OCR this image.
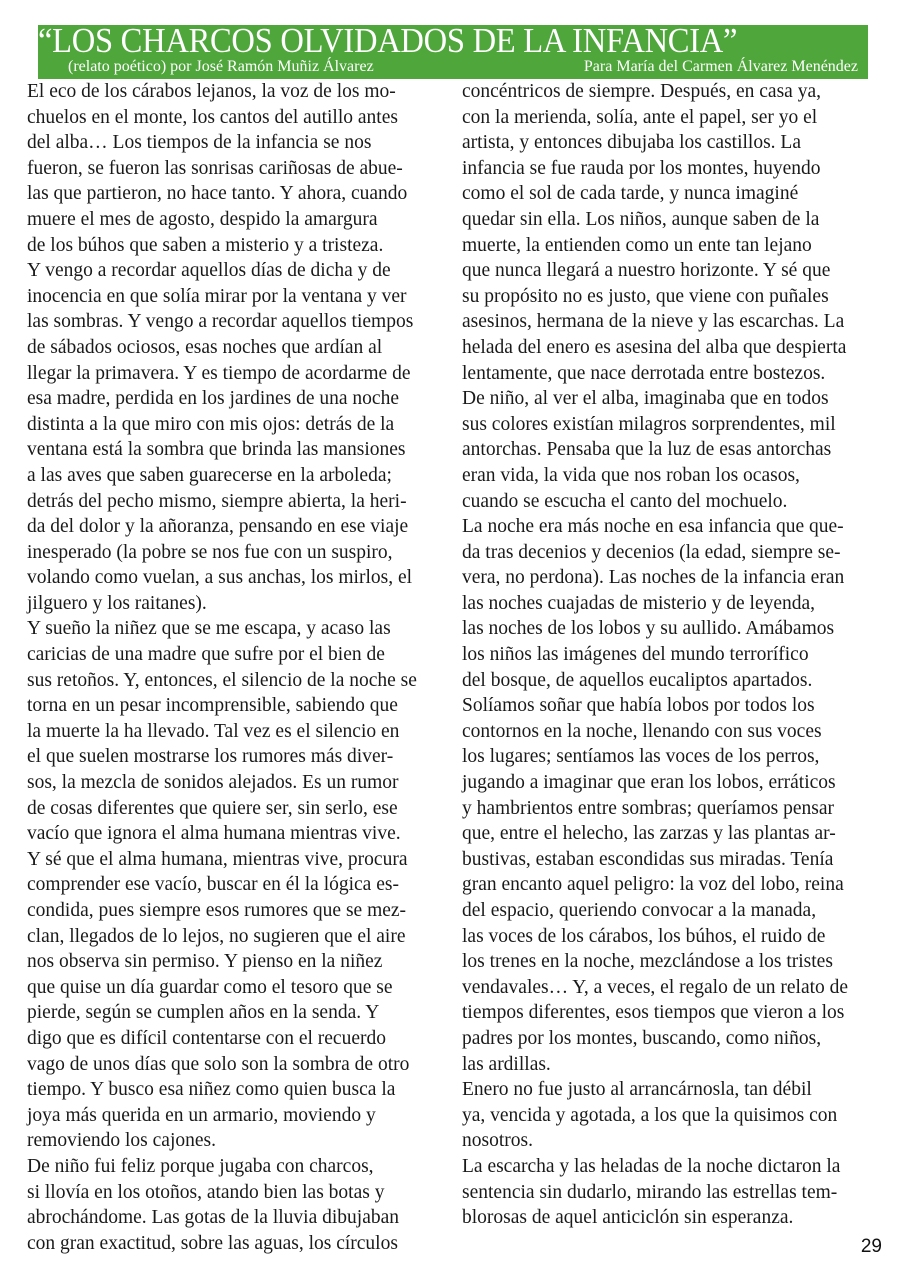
“LOS CHARCOS OLVIDADOS DE LA INFANCIA”
(relato poético) por José Ramón Muñiz Álvarez	Para María del Carmen Álvarez Menéndez
El eco de los cárabos lejanos, la voz de los mo-
chuelos en el monte, los cantos del autillo antes
del alba… Los tiempos de la infancia se nos
fueron, se fueron las sonrisas cariñosas de abue-
las que partieron, no hace tanto. Y ahora, cuando
muere el mes de agosto, despido la amargura
de los búhos que saben a misterio y a tristeza.
Y vengo a recordar aquellos días de dicha y de
inocencia en que solía mirar por la ventana y ver
las sombras. Y vengo a recordar aquellos tiempos
de sábados ociosos, esas noches que ardían al
llegar la primavera. Y es tiempo de acordarme de
esa madre, perdida en los jardines de una noche
distinta a la que miro con mis ojos: detrás de la
ventana está la sombra que brinda las mansiones
a las aves que saben guarecerse en la arboleda;
detrás del pecho mismo, siempre abierta, la heri-
da del dolor y la añoranza, pensando en ese viaje
inesperado (la pobre se nos fue con un suspiro,
volando como vuelan, a sus anchas, los mirlos, el
jilguero y los raitanes).
Y sueño la niñez que se me escapa, y acaso las
caricias de una madre que sufre por el bien de
sus retoños. Y, entonces, el silencio de la noche se
torna en un pesar incomprensible, sabiendo que
la muerte la ha llevado. Tal vez es el silencio en
el que suelen mostrarse los rumores más diver-
sos, la mezcla de sonidos alejados. Es un rumor
de cosas diferentes que quiere ser, sin serlo, ese
vacío que ignora el alma humana mientras vive.
Y sé que el alma humana, mientras vive, procura
comprender ese vacío, buscar en él la lógica es-
condida, pues siempre esos rumores que se mez-
clan, llegados de lo lejos, no sugieren que el aire
nos observa sin permiso. Y pienso en la niñez
que quise un día guardar como el tesoro que se
pierde, según se cumplen años en la senda. Y
digo que es difícil contentarse con el recuerdo
vago de unos días que solo son la sombra de otro
tiempo. Y busco esa niñez como quien busca la
joya más querida en un armario, moviendo y
removiendo los cajones.
De niño fui feliz porque jugaba con charcos,
si llovía en los otoños, atando bien las botas y
abrochándome. Las gotas de la lluvia dibujaban
con gran exactitud, sobre las aguas, los círculos
concéntricos de siempre. Después, en casa ya,
con la merienda, solía, ante el papel, ser yo el
artista, y entonces dibujaba los castillos. La
infancia se fue rauda por los montes, huyendo
como el sol de cada tarde, y nunca imaginé
quedar sin ella. Los niños, aunque saben de la
muerte, la entienden como un ente tan lejano
que nunca llegará a nuestro horizonte. Y sé que
su propósito no es justo, que viene con puñales
asesinos, hermana de la nieve y las escarchas. La
helada del enero es asesina del alba que despierta
lentamente, que nace derrotada entre bostezos.
De niño, al ver el alba, imaginaba que en todos
sus colores existían milagros sorprendentes, mil
antorchas. Pensaba que la luz de esas antorchas
eran vida, la vida que nos roban los ocasos,
cuando se escucha el canto del mochuelo.
La noche era más noche en esa infancia que que-
da tras decenios y decenios (la edad, siempre se-
vera, no perdona). Las noches de la infancia eran
las noches cuajadas de misterio y de leyenda,
las noches de los lobos y su aullido. Amábamos
los niños las imágenes del mundo terrorífico
del bosque, de aquellos eucaliptos apartados.
Solíamos soñar que había lobos por todos los
contornos en la noche, llenando con sus voces
los lugares; sentíamos las voces de los perros,
jugando a imaginar que eran los lobos, erráticos
y hambrientos entre sombras; queríamos pensar
que, entre el helecho, las zarzas y las plantas ar-
bustivas, estaban escondidas sus miradas. Tenía
gran encanto aquel peligro: la voz del lobo, reina
del espacio, queriendo convocar a la manada,
las voces de los cárabos, los búhos, el ruido de
los trenes en la noche, mezclándose a los tristes
vendavales… Y, a veces, el regalo de un relato de
tiempos diferentes, esos tiempos que vieron a los
padres por los montes, buscando, como niños,
las ardillas.
Enero no fue justo al arrancárnosla, tan débil
ya, vencida y agotada, a los que la quisimos con
nosotros.
La escarcha y las heladas de la noche dictaron la
sentencia sin dudarlo, mirando las estrellas tem-
blorosas de aquel anticiclón sin esperanza.
29
